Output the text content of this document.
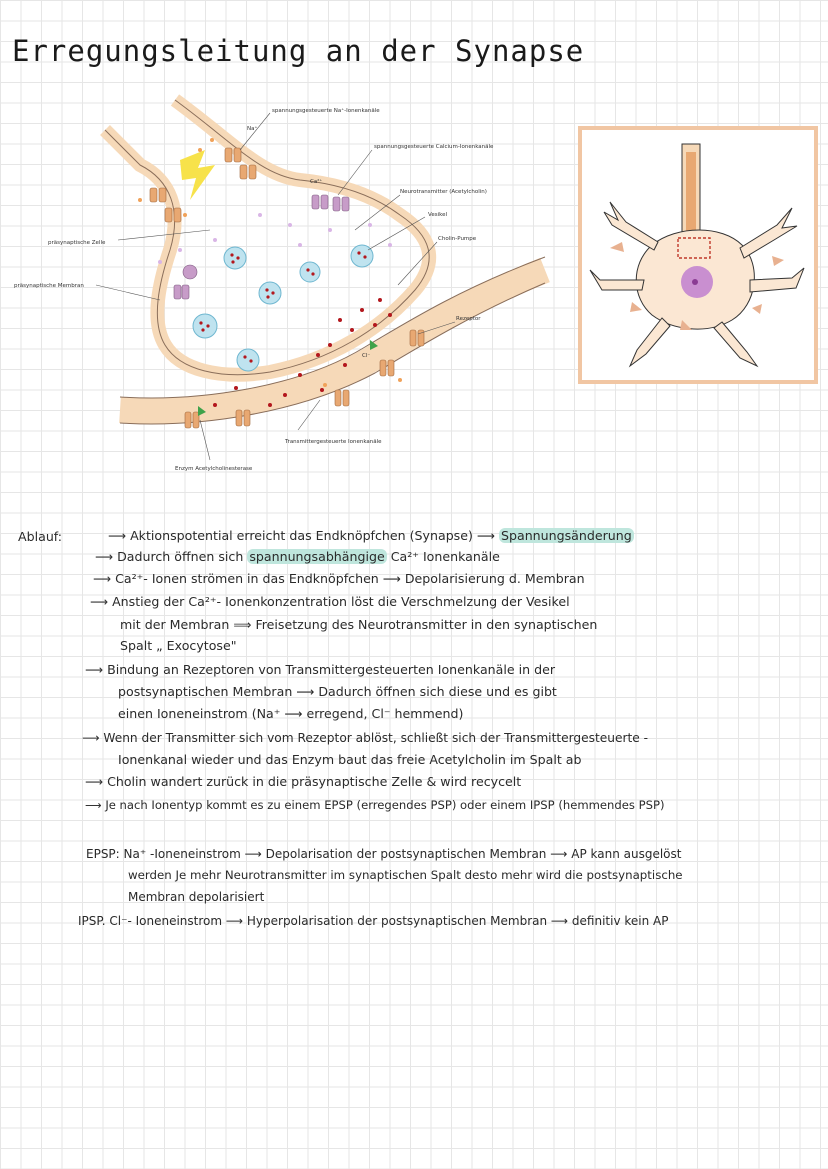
Erregungsleitung an der Synapse
spannungsgesteuerte Na⁺-Ionenkanäle
spannungsgesteuerte Calcium-Ionenkanäle
Neurotransmitter (Acetylcholin)
Vesikel
Cholin-Pumpe
Rezeptor
präsynaptische Zelle
präsynaptische Membran
Transmittergesteuerte Ionenkanäle
Enzym Acetylcholinesterase
Na⁺
Ca²⁺
Cl⁻
Ablauf:	⟶ Aktionspotential erreicht das Endknöpfchen (Synapse) ⟶ Spannungsänderung
⟶ Dadurch öffnen sich spannungsabhängige Ca²⁺ Ionenkanäle
⟶ Ca²⁺- Ionen strömen in das Endknöpfchen ⟶ Depolarisierung d. Membran
⟶ Anstieg der Ca²⁺- Ionenkonzentration löst die Verschmelzung der Vesikel
mit der Membran ⟹ Freisetzung des Neurotransmitter in den synaptischen
Spalt „ Exocytose"
⟶ Bindung an Rezeptoren von Transmittergesteuerten Ionenkanäle in der
postsynaptischen Membran ⟶ Dadurch öffnen sich diese und es gibt
einen Ioneneinstrom (Na⁺ ⟶ erregend, Cl⁻ hemmend)
⟶ Wenn der Transmitter sich vom Rezeptor ablöst, schließt sich der Transmittergesteuerte -
Ionenkanal wieder und das Enzym baut das freie Acetylcholin im Spalt ab
⟶ Cholin wandert zurück in die präsynaptische Zelle & wird recycelt
⟶ Je nach Ionentyp kommt es zu einem EPSP (erregendes PSP) oder einem IPSP (hemmendes PSP)
EPSP: Na⁺ -Ioneneinstrom ⟶ Depolarisation der postsynaptischen Membran ⟶ AP kann ausgelöst
werden Je mehr Neurotransmitter im synaptischen Spalt desto mehr wird die postsynaptische
Membran depolarisiert
IPSP. Cl⁻- Ioneneinstrom ⟶ Hyperpolarisation der postsynaptischen Membran ⟶ definitiv kein AP
